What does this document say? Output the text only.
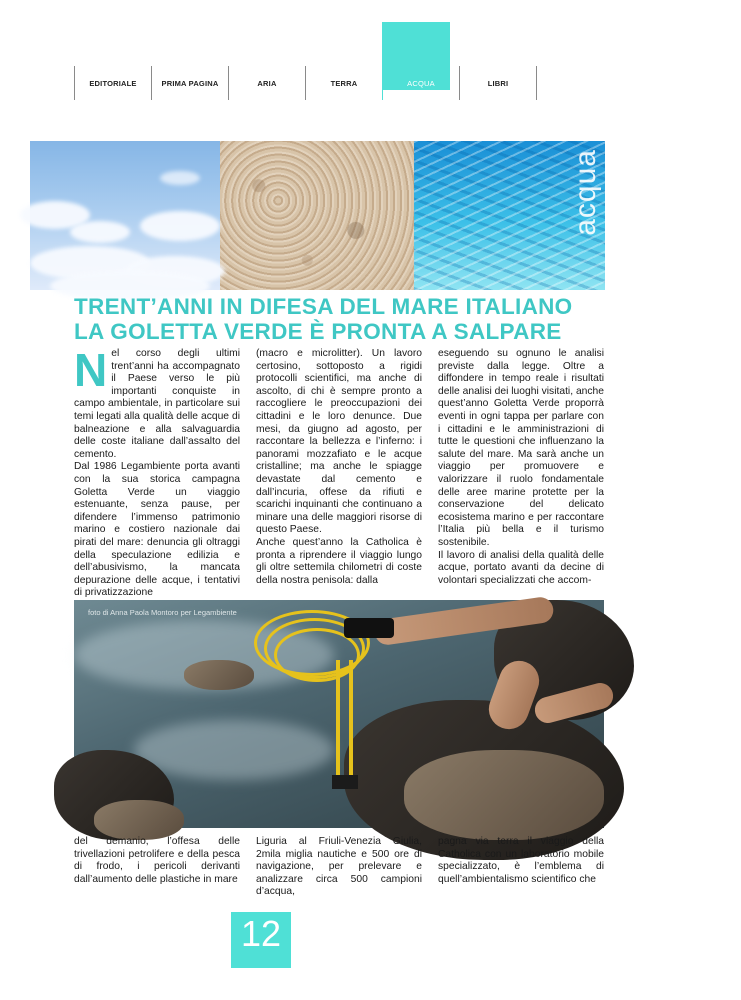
EDITORIALE	PRIMA PAGINA	ARIA	TERRA	ACQUA	LIBRI
acqua
TRENT’ANNI IN DIFESA DEL MARE ITALIANO
LA GOLETTA VERDE È PRONTA A SALPARE

Nel corso degli ultimi trent’anni ha accompagnato il Paese verso le più importanti conquiste in campo ambientale, in particolare sui temi legati alla qualità delle acque di balneazione e alla salvaguardia delle coste italiane dall’assalto del cemento.

Dal 1986 Legambiente porta avanti con la sua storica campagna Goletta Verde un viaggio estenuante, senza pause, per difendere l’immenso patrimonio marino e costiero nazionale dai pirati del mare: denuncia gli oltraggi della speculazione edilizia e dell’abusivismo, la mancata depurazione delle acque, i tentativi di privatizzazione

(macro e microlitter). Un lavoro certosino, sottoposto a rigidi protocolli scientifici, ma anche di ascolto, di chi è sempre pronto a raccogliere le preoccupazioni dei cittadini e le loro denunce. Due mesi, da giugno ad agosto, per raccontare la bellezza e l’inferno: i panorami mozzafiato e le acque cristalline; ma anche le spiagge devastate dal cemento e dall’incuria, offese da rifiuti e scarichi inquinanti che continuano a minare una delle maggiori risorse di questo Paese.

Anche quest’anno la Catholica è pronta a riprendere il viaggio lungo gli oltre settemila chilometri di coste della nostra penisola: dalla

eseguendo su ognuno le analisi previste dalla legge. Oltre a diffondere in tempo reale i risultati delle analisi dei luoghi visitati, anche quest’anno Goletta Verde proporrà eventi in ogni tappa per parlare con i cittadini e le amministrazioni di tutte le questioni che influenzano la salute del mare. Ma sarà anche un viaggio per promuovere e valorizzare il ruolo fondamentale delle aree marine protette per la conservazione del delicato ecosistema marino e per raccontare l’Italia più bella e il turismo sostenibile.

Il lavoro di analisi della qualità delle acque, portato avanti da decine di volontari specializzati che accom-

foto di Anna Paola Montoro per Legambiente

del demanio, l’offesa delle trivellazioni petrolifere e della pesca di frodo, i pericoli derivanti dall’aumento delle plastiche in mare

Liguria al Friuli-Venezia Giulia, 2mila miglia nautiche e 500 ore di navigazione, per prelevare e analizzare circa 500 campioni d’acqua,

pagna via terra il viaggio della Catholica con un laboratorio mobile specializzato, è l’emblema di quell’ambientalismo scientifico che

12
